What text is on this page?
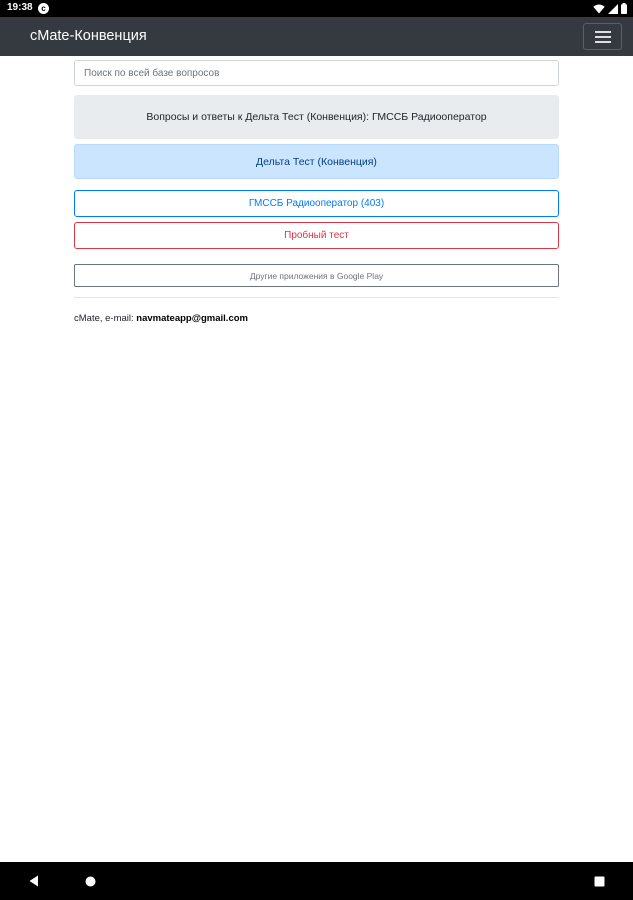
19:38	c
cMate-Конвенция
Поиск по всей базе вопросов
Вопросы и ответы к Дельта Тест (Конвенция): ГМССБ Радиооператор
Дельта Тест (Конвенция)
ГМССБ Радиооператор (403)
Пробный тест
Другие приложения в Google Play
cMate, e-mail: navmateapp@gmail.com
